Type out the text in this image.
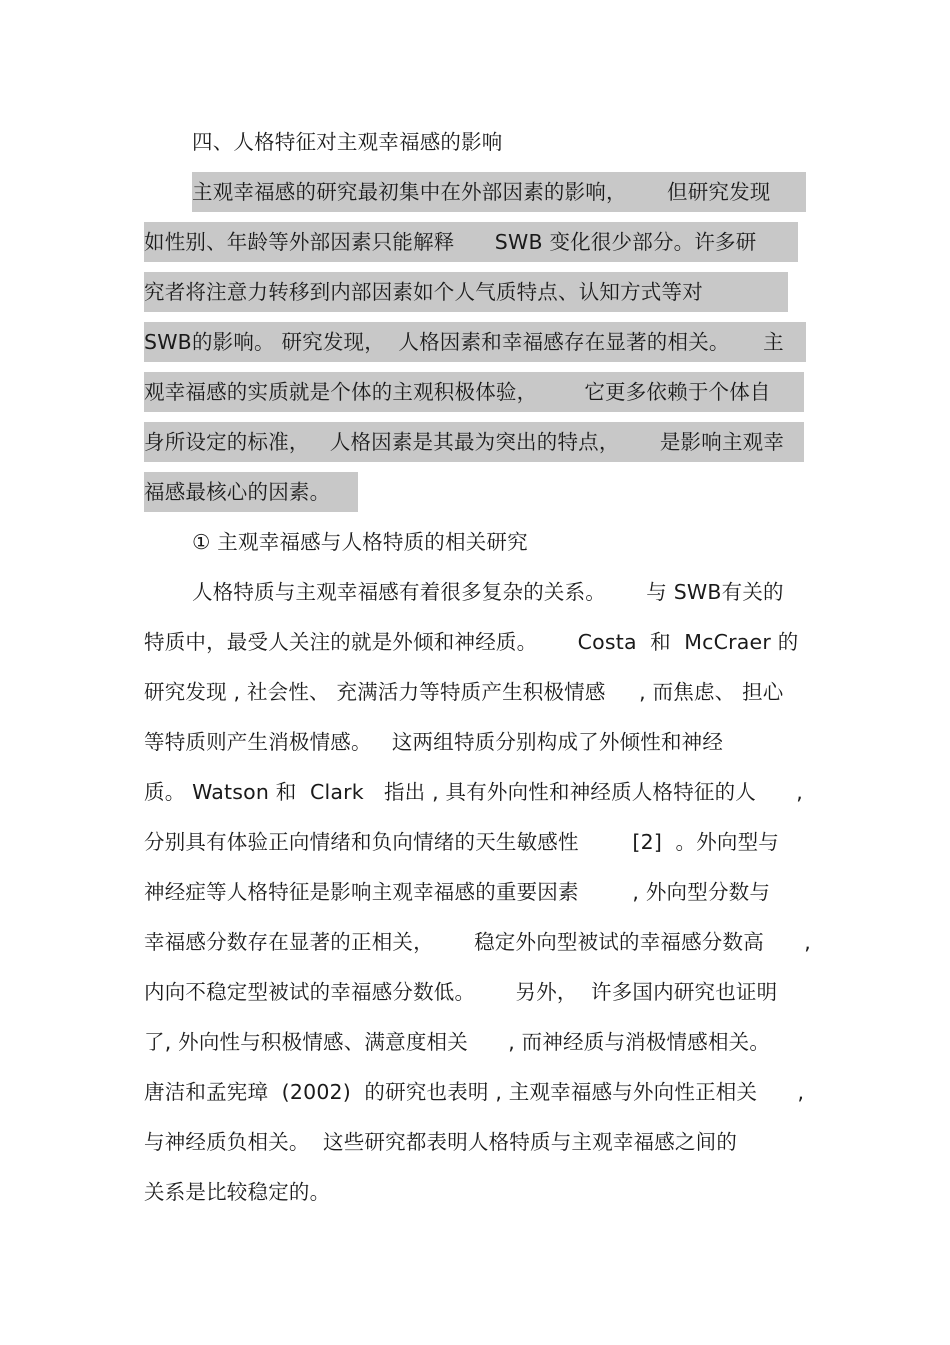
四、人格特征对主观幸福感的影响
主观幸福感的研究最初集中在外部因素的影响，      但研究发现
如性别、年龄等外部因素只能解释      SWB 变化很少部分。许多研
究者将注意力转移到内部因素如个人气质特点、认知方式等对
SWB的影响。 研究发现，  人格因素和幸福感存在显著的相关。     主
观幸福感的实质就是个体的主观积极体验，       它更多依赖于个体自
身所设定的标准，   人格因素是其最为突出的特点，      是影响主观幸
福感最核心的因素。
① 主观幸福感与人格特质的相关研究
人格特质与主观幸福感有着很多复杂的关系。      与 SWB有关的
特质中，最受人关注的就是外倾和神经质。      Costa  和  McCraer 的
研究发现 , 社会性、 充满活力等特质产生积极情感     , 而焦虑、 担心
等特质则产生消极情感。   这两组特质分别构成了外倾性和神经
质。 Watson 和  Clark   指出 , 具有外向性和神经质人格特征的人      ,
分别具有体验正向情绪和负向情绪的天生敏感性        [2]  。外向型与
神经症等人格特征是影响主观幸福感的重要因素        , 外向型分数与
幸福感分数存在显著的正相关，      稳定外向型被试的幸福感分数高      ,
内向不稳定型被试的幸福感分数低。      另外，  许多国内研究也证明
了, 外向性与积极情感、满意度相关      , 而神经质与消极情感相关。
唐洁和孟宪璋  (2002)  的研究也表明 , 主观幸福感与外向性正相关      ,
与神经质负相关。  这些研究都表明人格特质与主观幸福感之间的
关系是比较稳定的。
